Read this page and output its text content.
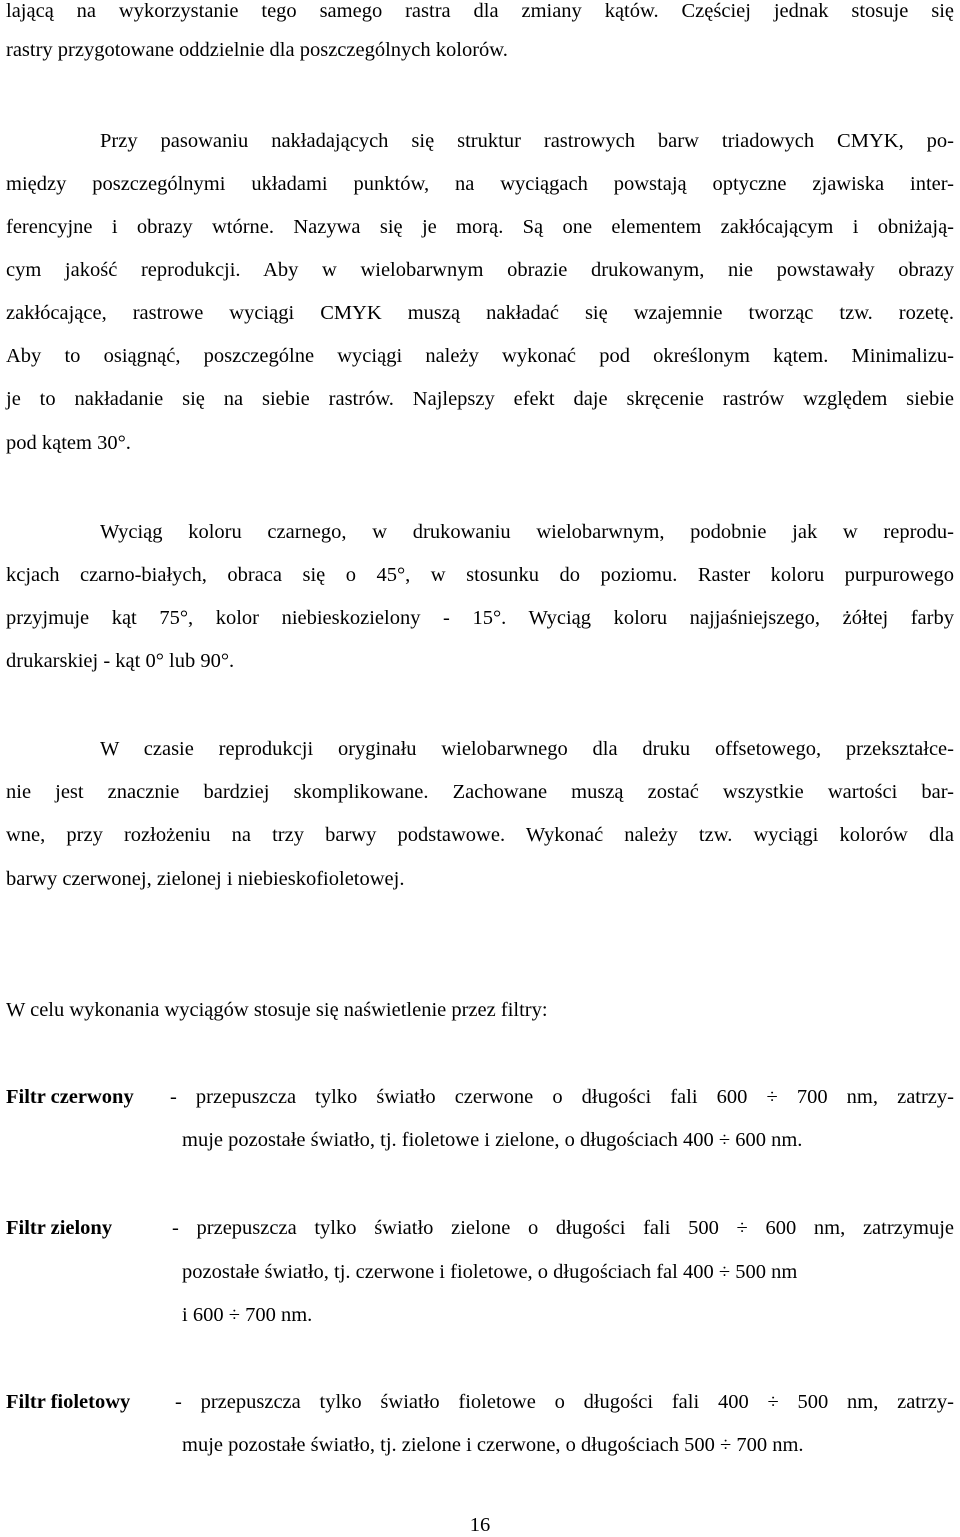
lającą na wykorzystanie tego samego rastra dla zmiany kątów. Częściej jednak stosuje się
rastry przygotowane oddzielnie dla poszczególnych kolorów.
Przy pasowaniu nakładających się struktur rastrowych barw triadowych CMYK, po-
między poszczególnymi układami punktów, na wyciągach powstają optyczne zjawiska inter-
ferencyjne i obrazy wtórne. Nazywa się je morą. Są one elementem zakłócającym i obniżają-
cym jakość reprodukcji. Aby w wielobarwnym obrazie drukowanym, nie powstawały obrazy
zakłócające, rastrowe wyciągi CMYK muszą nakładać się wzajemnie tworząc tzw. rozetę.
Aby to osiągnąć, poszczególne wyciągi należy wykonać pod określonym kątem. Minimalizu-
je to nakładanie się na siebie rastrów. Najlepszy efekt daje skręcenie rastrów względem siebie
pod kątem 30°.
Wyciąg koloru czarnego, w drukowaniu wielobarwnym, podobnie jak w reprodu-
kcjach czarno-białych, obraca się o 45°, w stosunku do poziomu. Raster koloru purpurowego
przyjmuje kąt 75°, kolor niebieskozielony - 15°. Wyciąg koloru najjaśniejszego, żółtej farby
drukarskiej - kąt 0° lub 90°.
W czasie reprodukcji oryginału wielobarwnego dla druku offsetowego, przekształce-
nie jest znacznie bardziej skomplikowane. Zachowane muszą zostać wszystkie wartości bar-
wne, przy rozłożeniu na trzy barwy podstawowe. Wykonać należy tzw. wyciągi kolorów dla
barwy czerwonej, zielonej i niebieskofioletowej.
W celu wykonania wyciągów stosuje się naświetlenie przez filtry:
Filtr czerwony - przepuszcza tylko światło czerwone o długości fali 600 ÷ 700 nm, zatrzy-
muje pozostałe światło, tj. fioletowe i zielone, o długościach 400 ÷ 600 nm.
Filtr zielony	- przepuszcza tylko światło zielone o długości fali 500 ÷ 600 nm, zatrzymuje
pozostałe światło, tj. czerwone i fioletowe, o długościach fal 400 ÷ 500 nm
i 600 ÷ 700 nm.
Filtr fioletowy - przepuszcza tylko światło fioletowe o długości fali 400 ÷ 500 nm, zatrzy-
muje pozostałe światło, tj. zielone i czerwone, o długościach 500 ÷ 700 nm.
16
